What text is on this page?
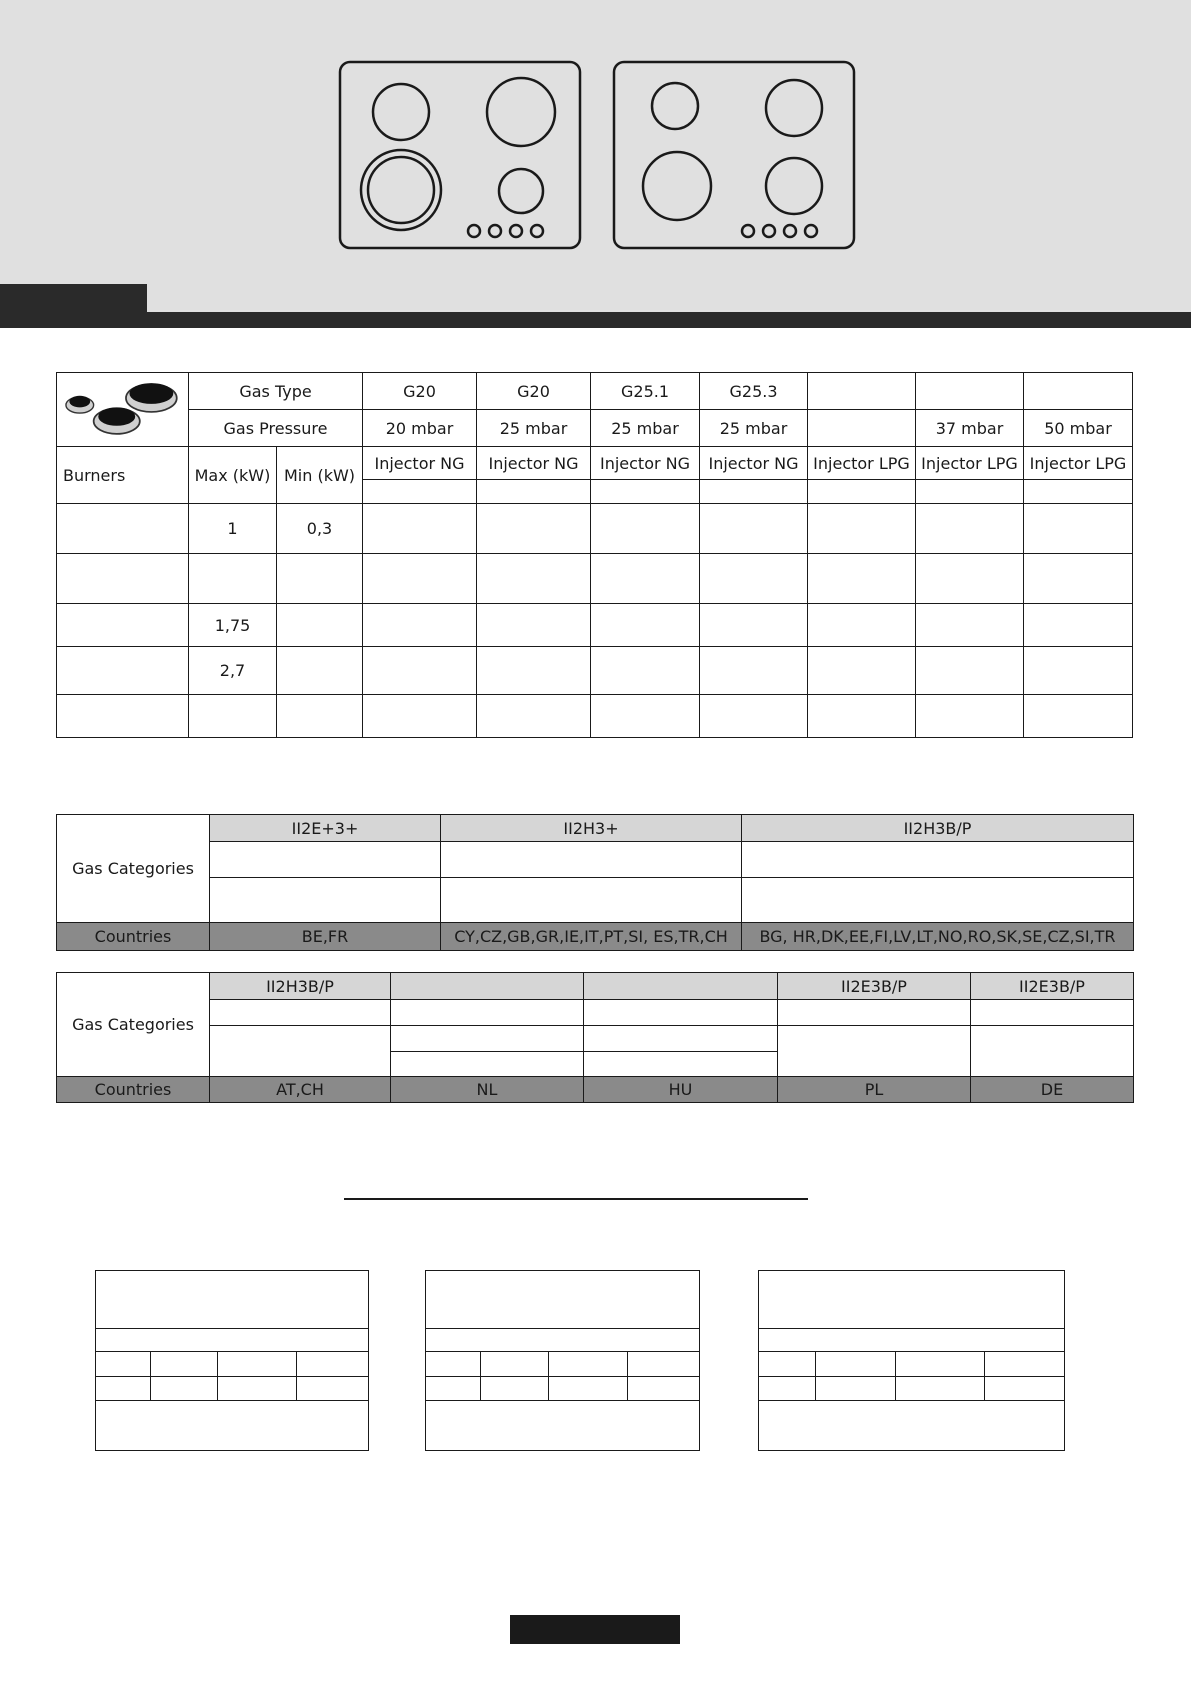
	Gas Type		G20	G20	G25.1	G25.3			
	Gas Pressure		20 mbar	25 mbar	25 mbar	25 mbar		37 mbar	50 mbar
Burners	Max (kW)	Min (kW)	Injector NG	Injector NG	Injector NG	Injector NG	Injector LPG	Injector LPG	Injector LPG

	1	0,3							

	1,75								
	2,7								

Gas Categories	II2E+3+	II2H3+	II2H3B/P

Countries	BE,FR	CY,CZ,GB,GR,IE,IT,PT,SI, ES,TR,CH	BG, HR,DK,EE,FI,LV,LT,NO,RO,SK,SE,CZ,SI,TR
Gas Categories	II2H3B/P			II2E3B/P	II2E3B/P

Countries	AT,CH	NL	HU	PL	DE
